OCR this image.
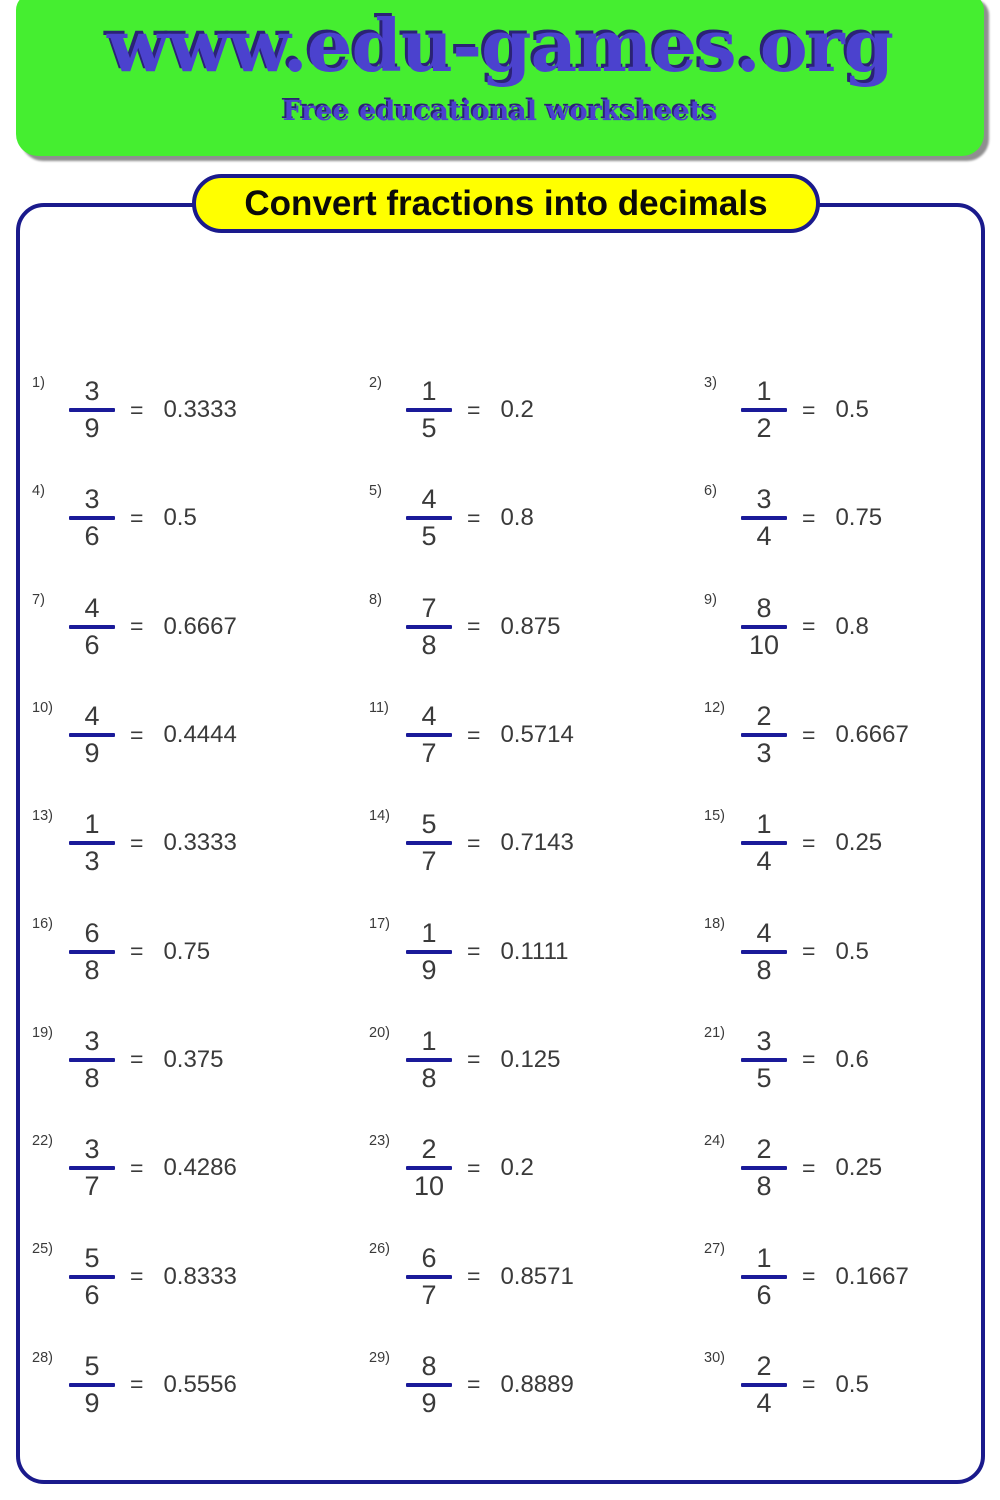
www.edu-games.org
Free educational worksheets
Convert fractions into decimals
$1) \frac{3}{9} = 0.3333$
$2) \frac{1}{5} = 0.2$
$3) \frac{1}{2} = 0.5$
$4) \frac{3}{6} = 0.5$
$5) \frac{4}{5} = 0.8$
$6) \frac{3}{4} = 0.75$
$7) \frac{4}{6} = 0.6667$
$8) \frac{7}{8} = 0.875$
$9) \frac{8}{10} = 0.8$
$10) \frac{4}{9} = 0.4444$
$11) \frac{4}{7} = 0.5714$
$12) \frac{2}{3} = 0.6667$
$13) \frac{1}{3} = 0.3333$
$14) \frac{5}{7} = 0.7143$
$15) \frac{1}{4} = 0.25$
$16) \frac{6}{8} = 0.75$
$17) \frac{1}{9} = 0.1111$
$18) \frac{4}{8} = 0.5$
$19) \frac{3}{8} = 0.375$
$20) \frac{1}{8} = 0.125$
$21) \frac{3}{5} = 0.6$
$22) \frac{3}{7} = 0.4286$
$23) \frac{2}{10} = 0.2$
$24) \frac{2}{8} = 0.25$
$25) \frac{5}{6} = 0.8333$
$26) \frac{6}{7} = 0.8571$
$27) \frac{1}{6} = 0.1667$
$28) \frac{5}{9} = 0.5556$
$29) \frac{8}{9} = 0.8889$
$30) \frac{2}{4} = 0.5$
